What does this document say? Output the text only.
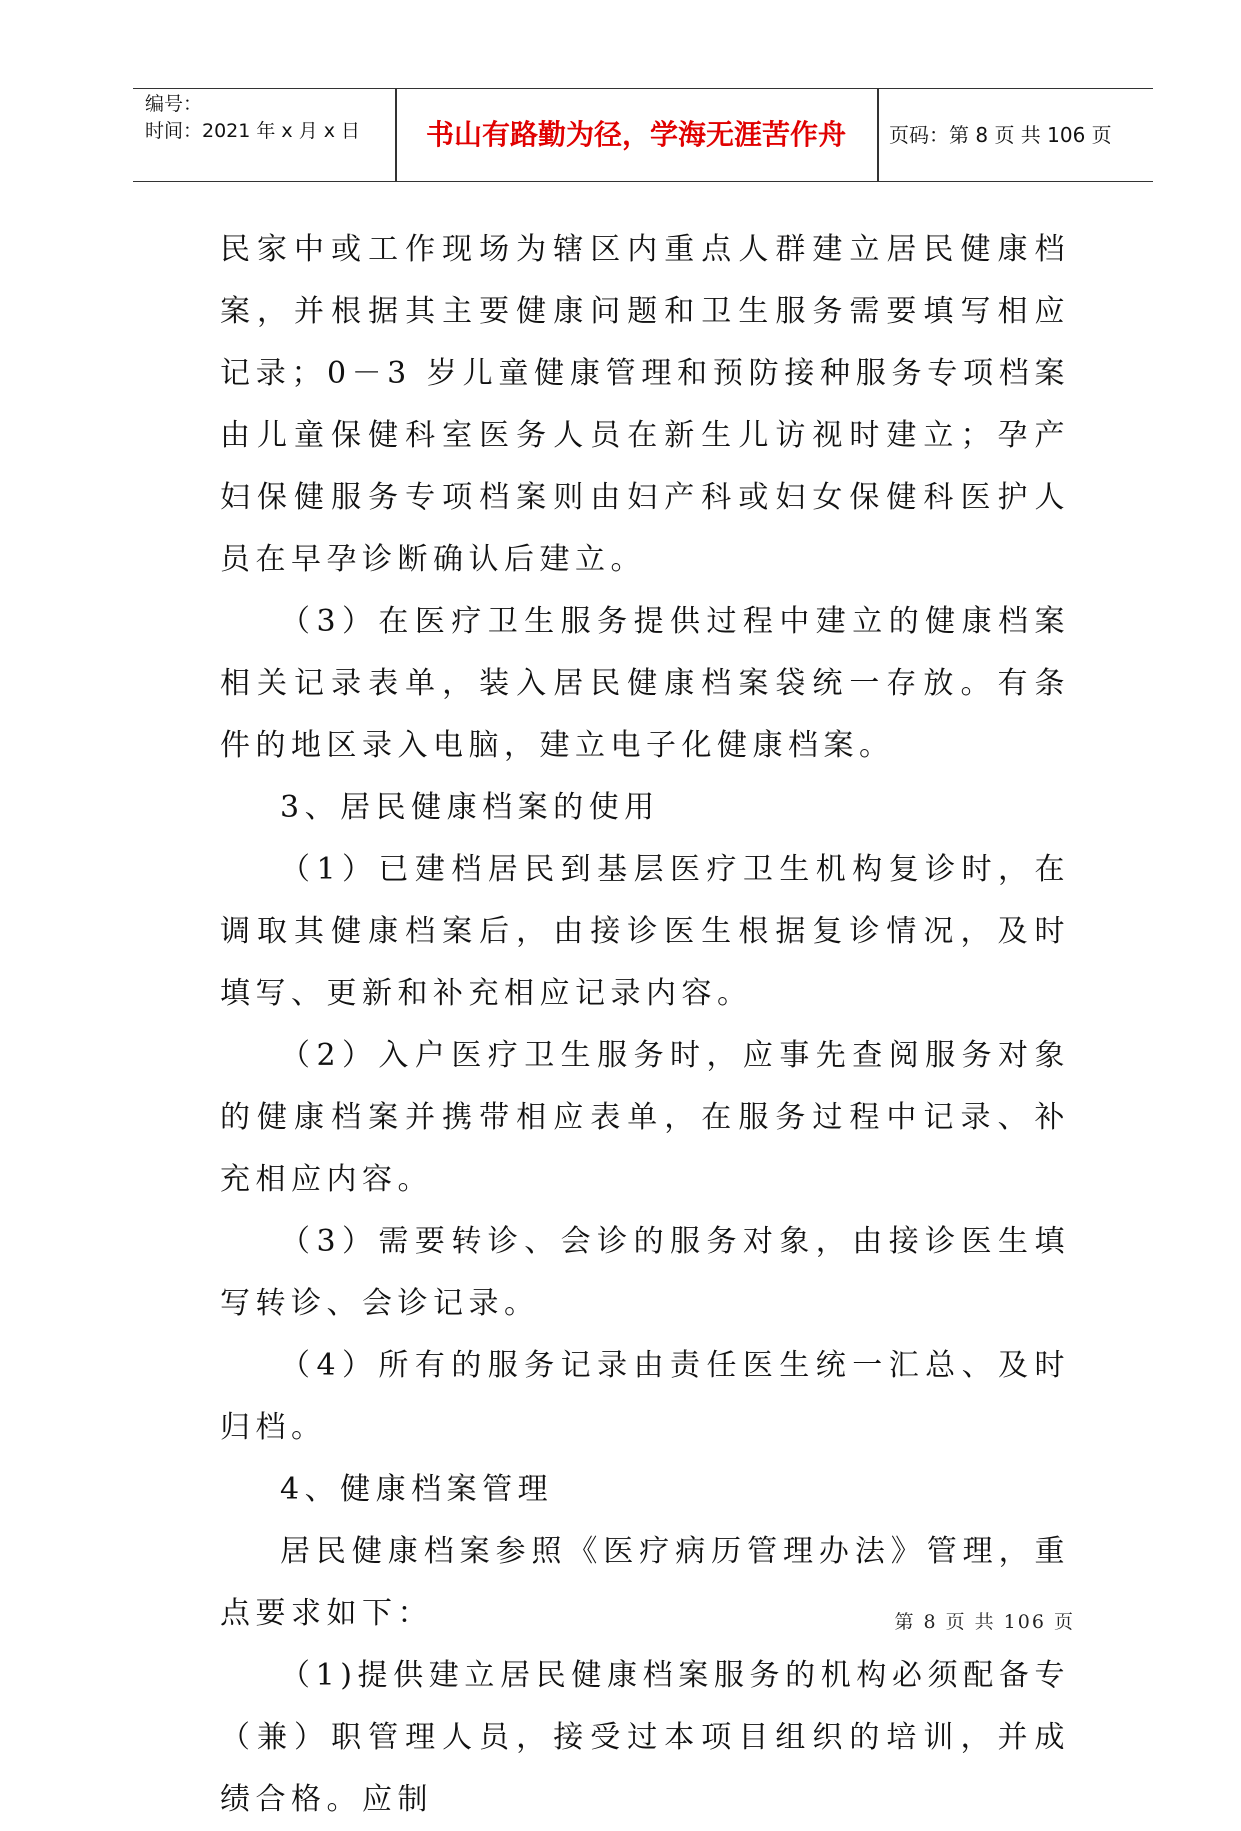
编号：
时间：2021 年 x 月 x 日	书山有路勤为径，学海无涯苦作舟	页码：第 8 页 共 106 页

民家中或工作现场为辖区内重点人群建立居民健康档案，并根据其主要健康问题和卫生服务需要填写相应记录；0－3 岁儿童健康管理和预防接种服务专项档案由儿童保健科室医务人员在新生儿访视时建立；孕产妇保健服务专项档案则由妇产科或妇女保健科医护人员在早孕诊断确认后建立。

（3）在医疗卫生服务提供过程中建立的健康档案相关记录表单，装入居民健康档案袋统一存放。有条件的地区录入电脑，建立电子化健康档案。

3、居民健康档案的使用

（1）已建档居民到基层医疗卫生机构复诊时，在调取其健康档案后，由接诊医生根据复诊情况，及时填写、更新和补充相应记录内容。

（2）入户医疗卫生服务时，应事先查阅服务对象的健康档案并携带相应表单，在服务过程中记录、补充相应内容。

（3）需要转诊、会诊的服务对象，由接诊医生填写转诊、会诊记录。

（4）所有的服务记录由责任医生统一汇总、及时归档。

4、健康档案管理

居民健康档案参照《医疗病历管理办法》管理，重点要求如下：

（1)提供建立居民健康档案服务的机构必须配备专（兼）职管理人员，接受过本项目组织的培训，并成绩合格。应制

第 8 页 共 106 页
